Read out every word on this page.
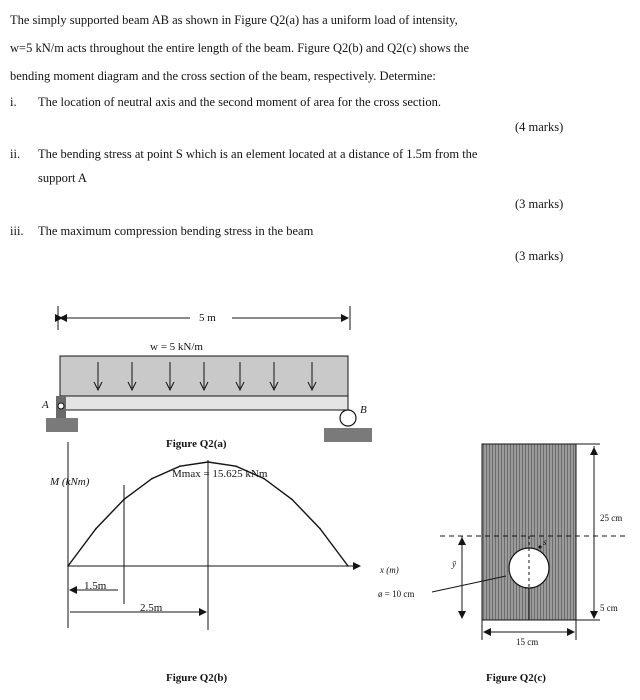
The simply supported beam AB as shown in Figure Q2(a) has a uniform load of intensity,
w=5 kN/m acts throughout the entire length of the beam. Figure Q2(b) and Q2(c) shows the
bending moment diagram and the cross section of the beam, respectively. Determine:
i. The location of neutral axis and the second moment of area for the cross section.
(4 marks)
ii. The bending stress at point S which is an element located at a distance of 1.5m from the
support A
(3 marks)
iii. The maximum compression bending stress in the beam
(3 marks)
5 m
w = 5 kN/m
A	B
Figure Q2(a)
M (kNm)
Mmax = 15.625 kNm
x (m)
1.5m
2.5m
Figure Q2(b)
25 cm
s
ȳ
ø = 10 cm
15 cm
5 cm
Figure Q2(c)
